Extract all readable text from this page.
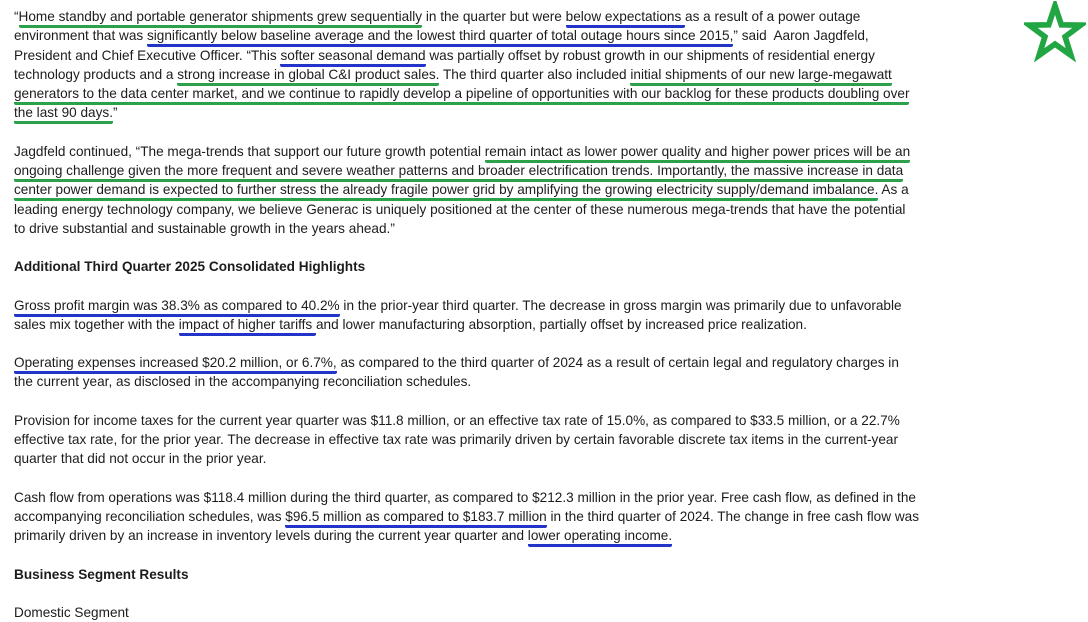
“Home standby and portable generator shipments grew sequentially in the quarter but were below expectations as a result of a power outage
environment that was significantly below baseline average and the lowest third quarter of total outage hours since 2015,” said  Aaron Jagdfeld,
President and Chief Executive Officer. “This softer seasonal demand was partially offset by robust growth in our shipments of residential energy
technology products and a strong increase in global C&I product sales. The third quarter also included initial shipments of our new large-megawatt
generators to the data center market, and we continue to rapidly develop a pipeline of opportunities with our backlog for these products doubling over
the last 90 days.”
Jagdfeld continued, “The mega-trends that support our future growth potential remain intact as lower power quality and higher power prices will be an
ongoing challenge given the more frequent and severe weather patterns and broader electrification trends. Importantly, the massive increase in data
center power demand is expected to further stress the already fragile power grid by amplifying the growing electricity supply/demand imbalance. As a
leading energy technology company, we believe Generac is uniquely positioned at the center of these numerous mega-trends that have the potential
to drive substantial and sustainable growth in the years ahead.”
Additional Third Quarter 2025 Consolidated Highlights
Gross profit margin was 38.3% as compared to 40.2% in the prior-year third quarter. The decrease in gross margin was primarily due to unfavorable
sales mix together with the impact of higher tariffs and lower manufacturing absorption, partially offset by increased price realization.
Operating expenses increased $20.2 million, or 6.7%, as compared to the third quarter of 2024 as a result of certain legal and regulatory charges in
the current year, as disclosed in the accompanying reconciliation schedules.
Provision for income taxes for the current year quarter was $11.8 million, or an effective tax rate of 15.0%, as compared to $33.5 million, or a 22.7%
effective tax rate, for the prior year. The decrease in effective tax rate was primarily driven by certain favorable discrete tax items in the current-year
quarter that did not occur in the prior year.
Cash flow from operations was $118.4 million during the third quarter, as compared to $212.3 million in the prior year. Free cash flow, as defined in the
accompanying reconciliation schedules, was $96.5 million as compared to $183.7 million in the third quarter of 2024. The change in free cash flow was
primarily driven by an increase in inventory levels during the current year quarter and lower operating income.
Business Segment Results
Domestic Segment
